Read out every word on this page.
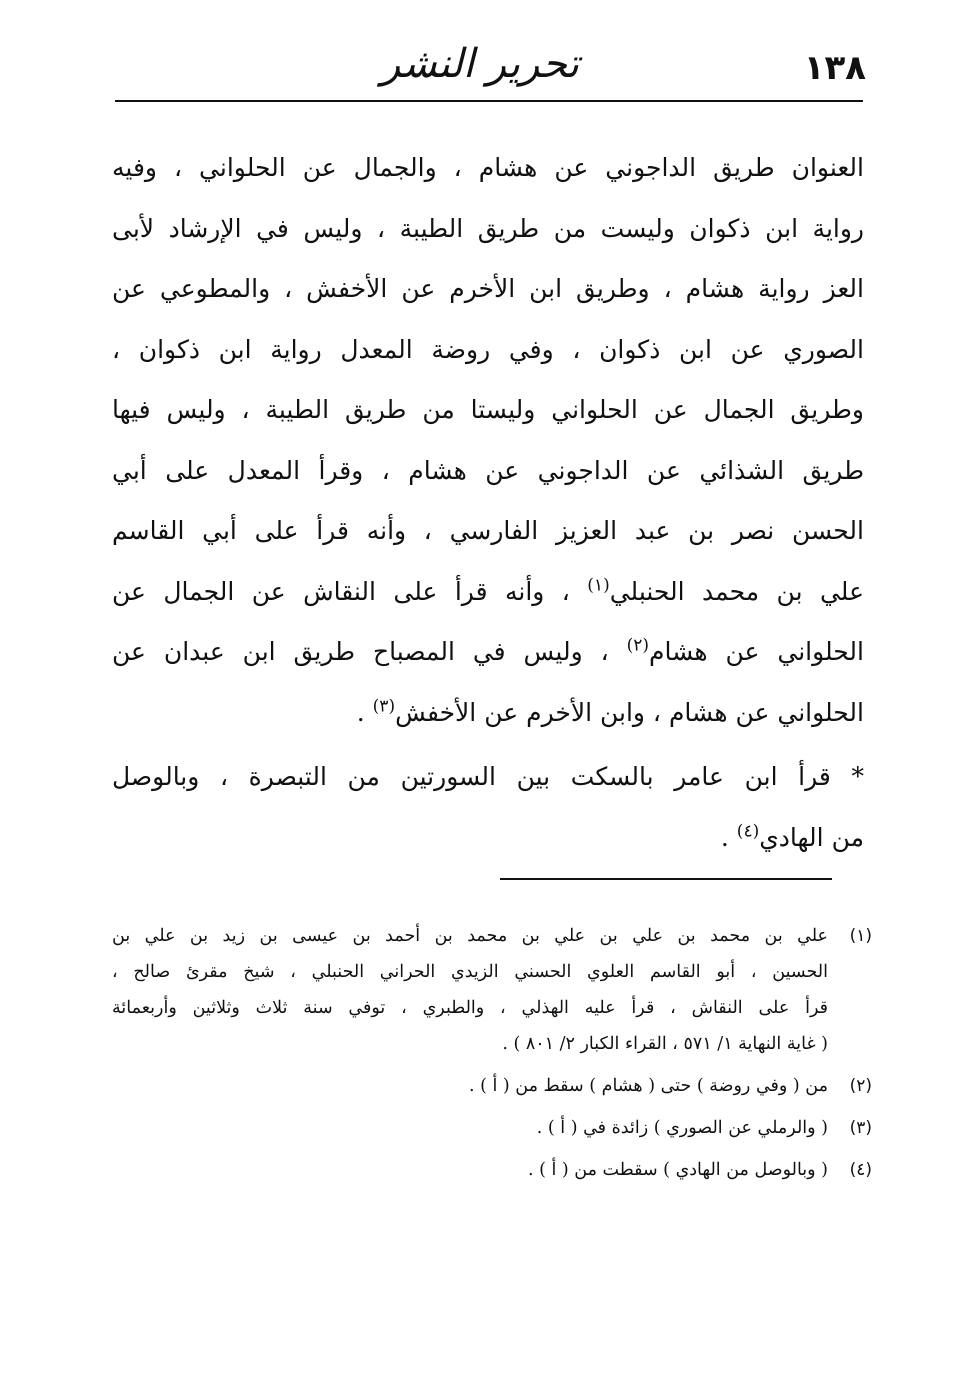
١٣٨
تحرير النشر

العنوان طريق الداجوني عن هشام ، والجمال عن الحلواني ، وفيه
رواية ابن ذكوان وليست من طريق الطيبة ، وليس في الإرشاد لأبى
العز رواية هشام ، وطريق ابن الأخرم عن الأخفش ، والمطوعي عن
الصوري عن ابن ذكوان ، وفي روضة المعدل رواية ابن ذكوان ،
وطريق الجمال عن الحلواني وليستا من طريق الطيبة ، وليس فيها
طريق الشذائي عن الداجوني عن هشام ، وقرأ المعدل على أبي
الحسن نصر بن عبد العزيز الفارسي ، وأنه قرأ على أبي القاسم
علي بن محمد الحنبلي$^{(١)}$ ، وأنه قرأ على النقاش عن الجمال عن
الحلواني عن هشام$^{(٢)}$ ، وليس في المصباح طريق ابن عبدان عن
الحلواني عن هشام ، وابن الأخرم عن الأخفش$^{(٣)}$ .

* قرأ ابن عامر بالسكت بين السورتين من التبصرة ، وبالوصل
من الهادي$^{(٤)}$ .

(١)
علي بن محمد بن علي بن علي بن محمد بن أحمد بن عيسى بن زيد بن علي بن
الحسين ، أبو القاسم العلوي الحسني الزيدي الحراني الحنبلي ، شيخ مقرئ صالح ،
قرأ على النقاش ، قرأ عليه الهذلي ، والطبري ، توفي سنة ثلاث وثلاثين وأربعمائة
( غاية النهاية ١/ ٥٧١ ، القراء الكبار ٢/ ٨٠١ ) .
(٢)
من ( وفي روضة ) حتى ( هشام ) سقط من ( أ ) .
(٣)
( والرملي عن الصوري ) زائدة في ( أ ) .
(٤)
( وبالوصل من الهادي ) سقطت من ( أ ) .
